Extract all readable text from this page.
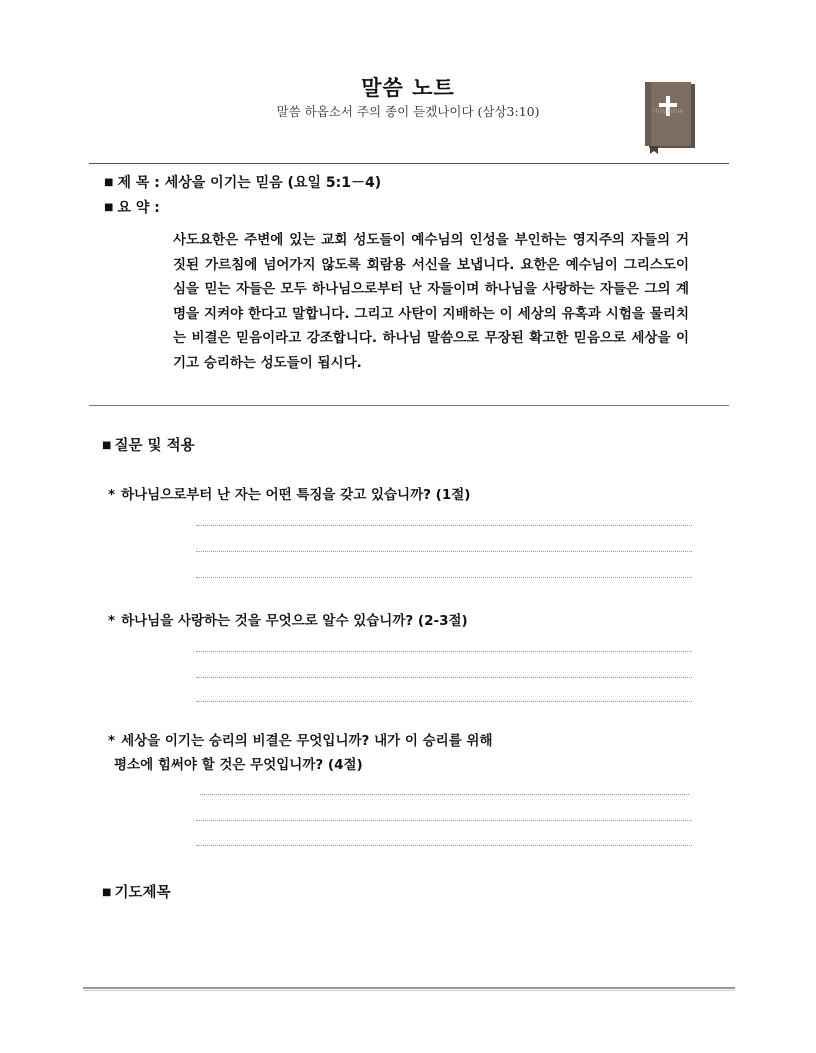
말씀 노트
말씀 하옵소서 주의 종이 듣겠나이다 (삼상3:10)	Holy Bible
■ 제 목 : 세상을 이기는 믿음 (요일 5:1－4)
■ 요 약 :
사도요한은 주변에 있는 교회 성도들이 예수님의 인성을 부인하는 영지주의 자들의 거짓된 가르침에 넘어가지 않도록 회람용 서신을 보냅니다. 요한은 예수님이 그리스도이심을 믿는 자들은 모두 하나님으로부터 난 자들이며 하나님을 사랑하는 자들은 그의 계명을 지켜야 한다고 말합니다. 그리고 사탄이 지배하는 이 세상의 유혹과 시험을 물리치는 비결은 믿음이라고 강조합니다. 하나님 말씀으로 무장된 확고한 믿음으로 세상을 이기고 승리하는 성도들이 됩시다.
■ 질문 및 적용
* 하나님으로부터 난 자는 어떤 특징을 갖고 있습니까? (1절)
* 하나님을 사랑하는 것을 무엇으로 알수 있습니까? (2-3절)
* 세상을 이기는 승리의 비결은 무엇입니까? 내가 이 승리를 위해
평소에 힘써야 할 것은 무엇입니까? (4절)
■ 기도제목
